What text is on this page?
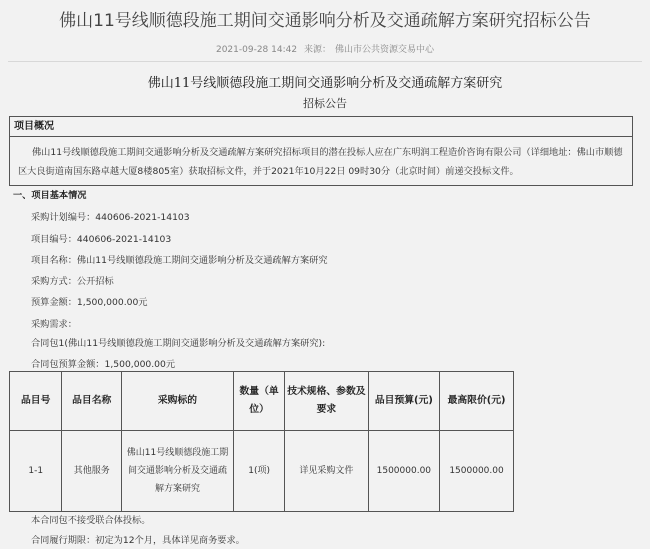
佛山11号线顺德段施工期间交通影响分析及交通疏解方案研究招标公告
2021-09-28 14:42 来源： 佛山市公共资源交易中心
佛山11号线顺德段施工期间交通影响分析及交通疏解方案研究
招标公告
项目概况
佛山11号线顺德段施工期间交通影响分析及交通疏解方案研究招标项目的潜在投标人应在广东明润工程造价咨询有限公司（详细地址：佛山市顺德区大良街道南国东路卓越大厦8楼805室）获取招标文件，并于2021年10月22日 09时30分（北京时间）前递交投标文件。
一、项目基本情况
采购计划编号：440606-2021-14103
项目编号：440606-2021-14103
项目名称：佛山11号线顺德段施工期间交通影响分析及交通疏解方案研究
采购方式：公开招标
预算金额：1,500,000.00元
采购需求：
合同包1(佛山11号线顺德段施工期间交通影响分析及交通疏解方案研究):
合同包预算金额：1,500,000.00元
品目号	品目名称	采购标的	数量（单位）	技术规格、参数及要求	品目预算(元)	最高限价(元)
1-1	其他服务	佛山11号线顺德段施工期间交通影响分析及交通疏解方案研究	1(项)	详见采购文件	1500000.00	1500000.00
本合同包不接受联合体投标。
合同履行期限：初定为12个月，具体详见商务要求。
